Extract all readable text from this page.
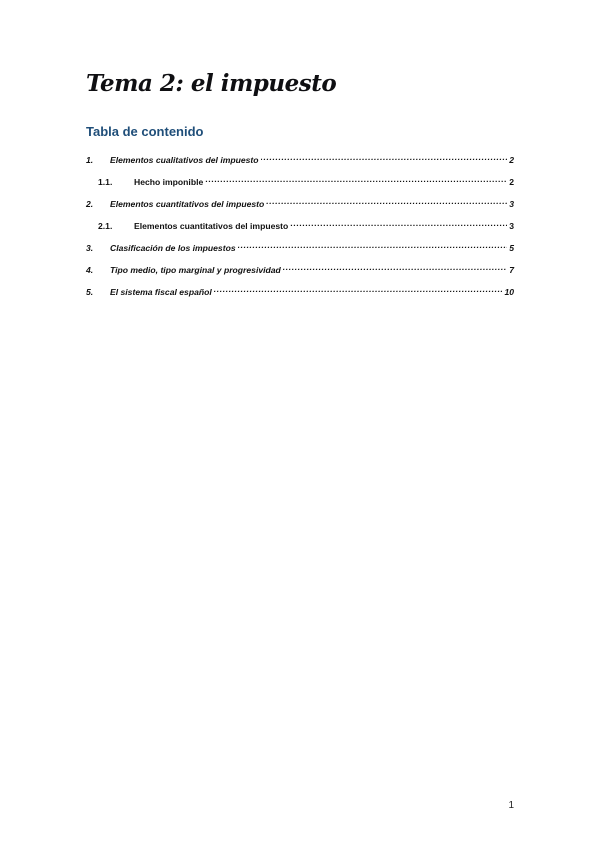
Tema 2: el impuesto
Tabla de contenido
1.	Elementos cualitativos del impuesto .....	2
1.1.	Hecho imponible .....	2
2.	Elementos cuantitativos del impuesto .....	3
2.1.	Elementos cuantitativos del impuesto .....	3
3.	Clasificación de los impuestos .....	5
4.	Tipo medio, tipo marginal y progresividad .....	7
5.	El sistema fiscal español .....	10
1
